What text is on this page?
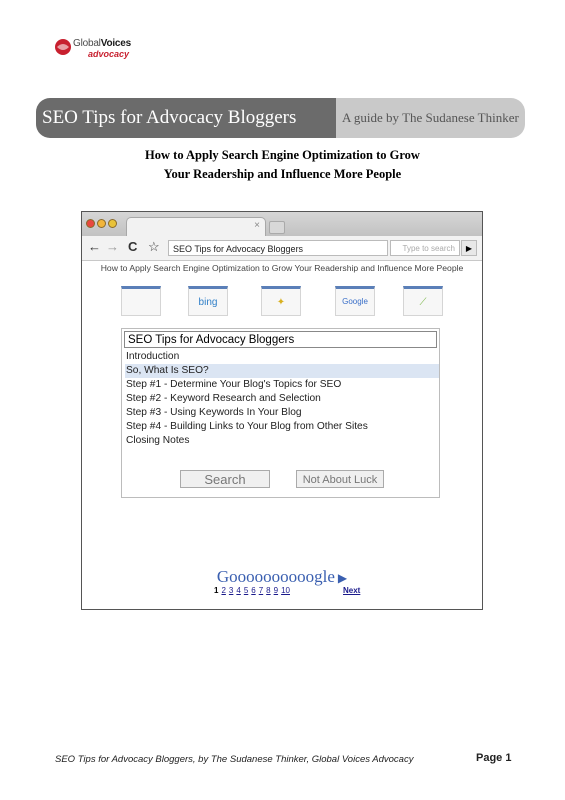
GlobalVoices
advocacy
SEO Tips for Advocacy Bloggers	A guide by The Sudanese Thinker
How to Apply Search Engine Optimization to Grow
Your Readership and Influence More People
×
← → C ☆	SEO Tips for Advocacy Bloggers	Type to search	▶
How to Apply Search Engine Optimization to Grow Your Readership and Influence More People
bing	✦	Google	⟋
SEO Tips for Advocacy Bloggers
Introduction
So, What Is SEO?
Step #1 - Determine Your Blog's Topics for SEO
Step #2 - Keyword Research and Selection
Step #3 - Using Keywords In Your Blog
Step #4 - Building Links to Your Blog from Other Sites
Closing Notes
Search	Not About Luck
Goooooooooogle ▶
1 2 3 4 5 6 7 8 9 10	Next
SEO Tips for Advocacy Bloggers, by The Sudanese Thinker, Global Voices Advocacy	Page 1
